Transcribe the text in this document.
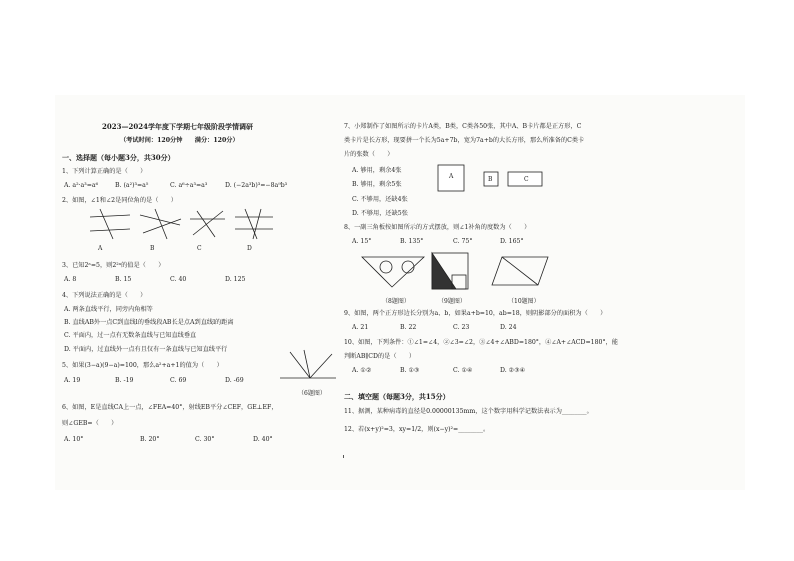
2023—2024学年度下学期七年级阶段学情调研
（考试时间：120分钟　　满分：120分）
一、选择题（每小题3分，共30分）
1、下列计算正确的是（　　）
A. a²·a³=a⁶	B. (a²)³=a⁵	C. a⁶÷a³=a³	D. (−2a³b)³=−8a⁹b³
2、如图，∠1和∠2是同位角的是（　　）
A	B	C	D
3、已知2ᵃ=5，则2²ᵃ的值是（　　）
A. 8	B. 15	C. 40	D. 125
4、下列说法正确的是（　　）
A. 两条直线平行，同旁内角相等
B. 直线AB外一点C到直线l的垂线段AB长是点A到直线l的距离
C. 平面内，过一点有无数条直线与已知直线垂直
D. 平面内，过直线外一点有且仅有一条直线与已知直线平行
5、如果(3−a)(9−a)=100，那么a²+a+1的值为（　　）
A. 19	B. -19	C. 69	D. -69
（6题图）
6、如图，E是直线CA上一点，∠FEA=40°，射线EB平分∠CEF，GE⊥EF，
则∠GEB=（　　）
A. 10°	B. 20°	C. 30°	D. 40°
7、小郑制作了如图所示的卡片A类，B类，C类各50张，其中A、B卡片都是正方形，C
类卡片是长方形，现要拼一个长为5a+7b，宽为7a+b的大长方形，那么所准备的C类卡
片的张数（　　）
A. 够用，剩余4张
B. 够用，剩余5张
C. 不够用，还缺4张
D. 不够用，还缺5张
A	B	C
8、一副三角板按如图所示的方式摆放，则∠1补角的度数为（　　）
A. 15°	B. 135°	C. 75°	D. 165°
（8题图）	（9题图）	（10题图）
9、如图，两个正方形边长分别为a、b，如果a+b=10，ab=18，则阴影部分的面积为（　　）
A. 21	B. 22	C. 23	D. 24
10、如图，下列条件：①∠1=∠4，②∠3=∠2，③∠4+∠ABD=180°，④∠A+∠ACD=180°，能
判断AB∥CD的是（　　）
A. ①②	B. ①③	C. ①④	D. ②③④
二、填空题（每题3分，共15分）
11、据测，某种病毒的直径是0.00000135mm，这个数字用科学记数法表示为________。
12、若(x+y)²=3，xy=1/2，则(x−y)²=________。
